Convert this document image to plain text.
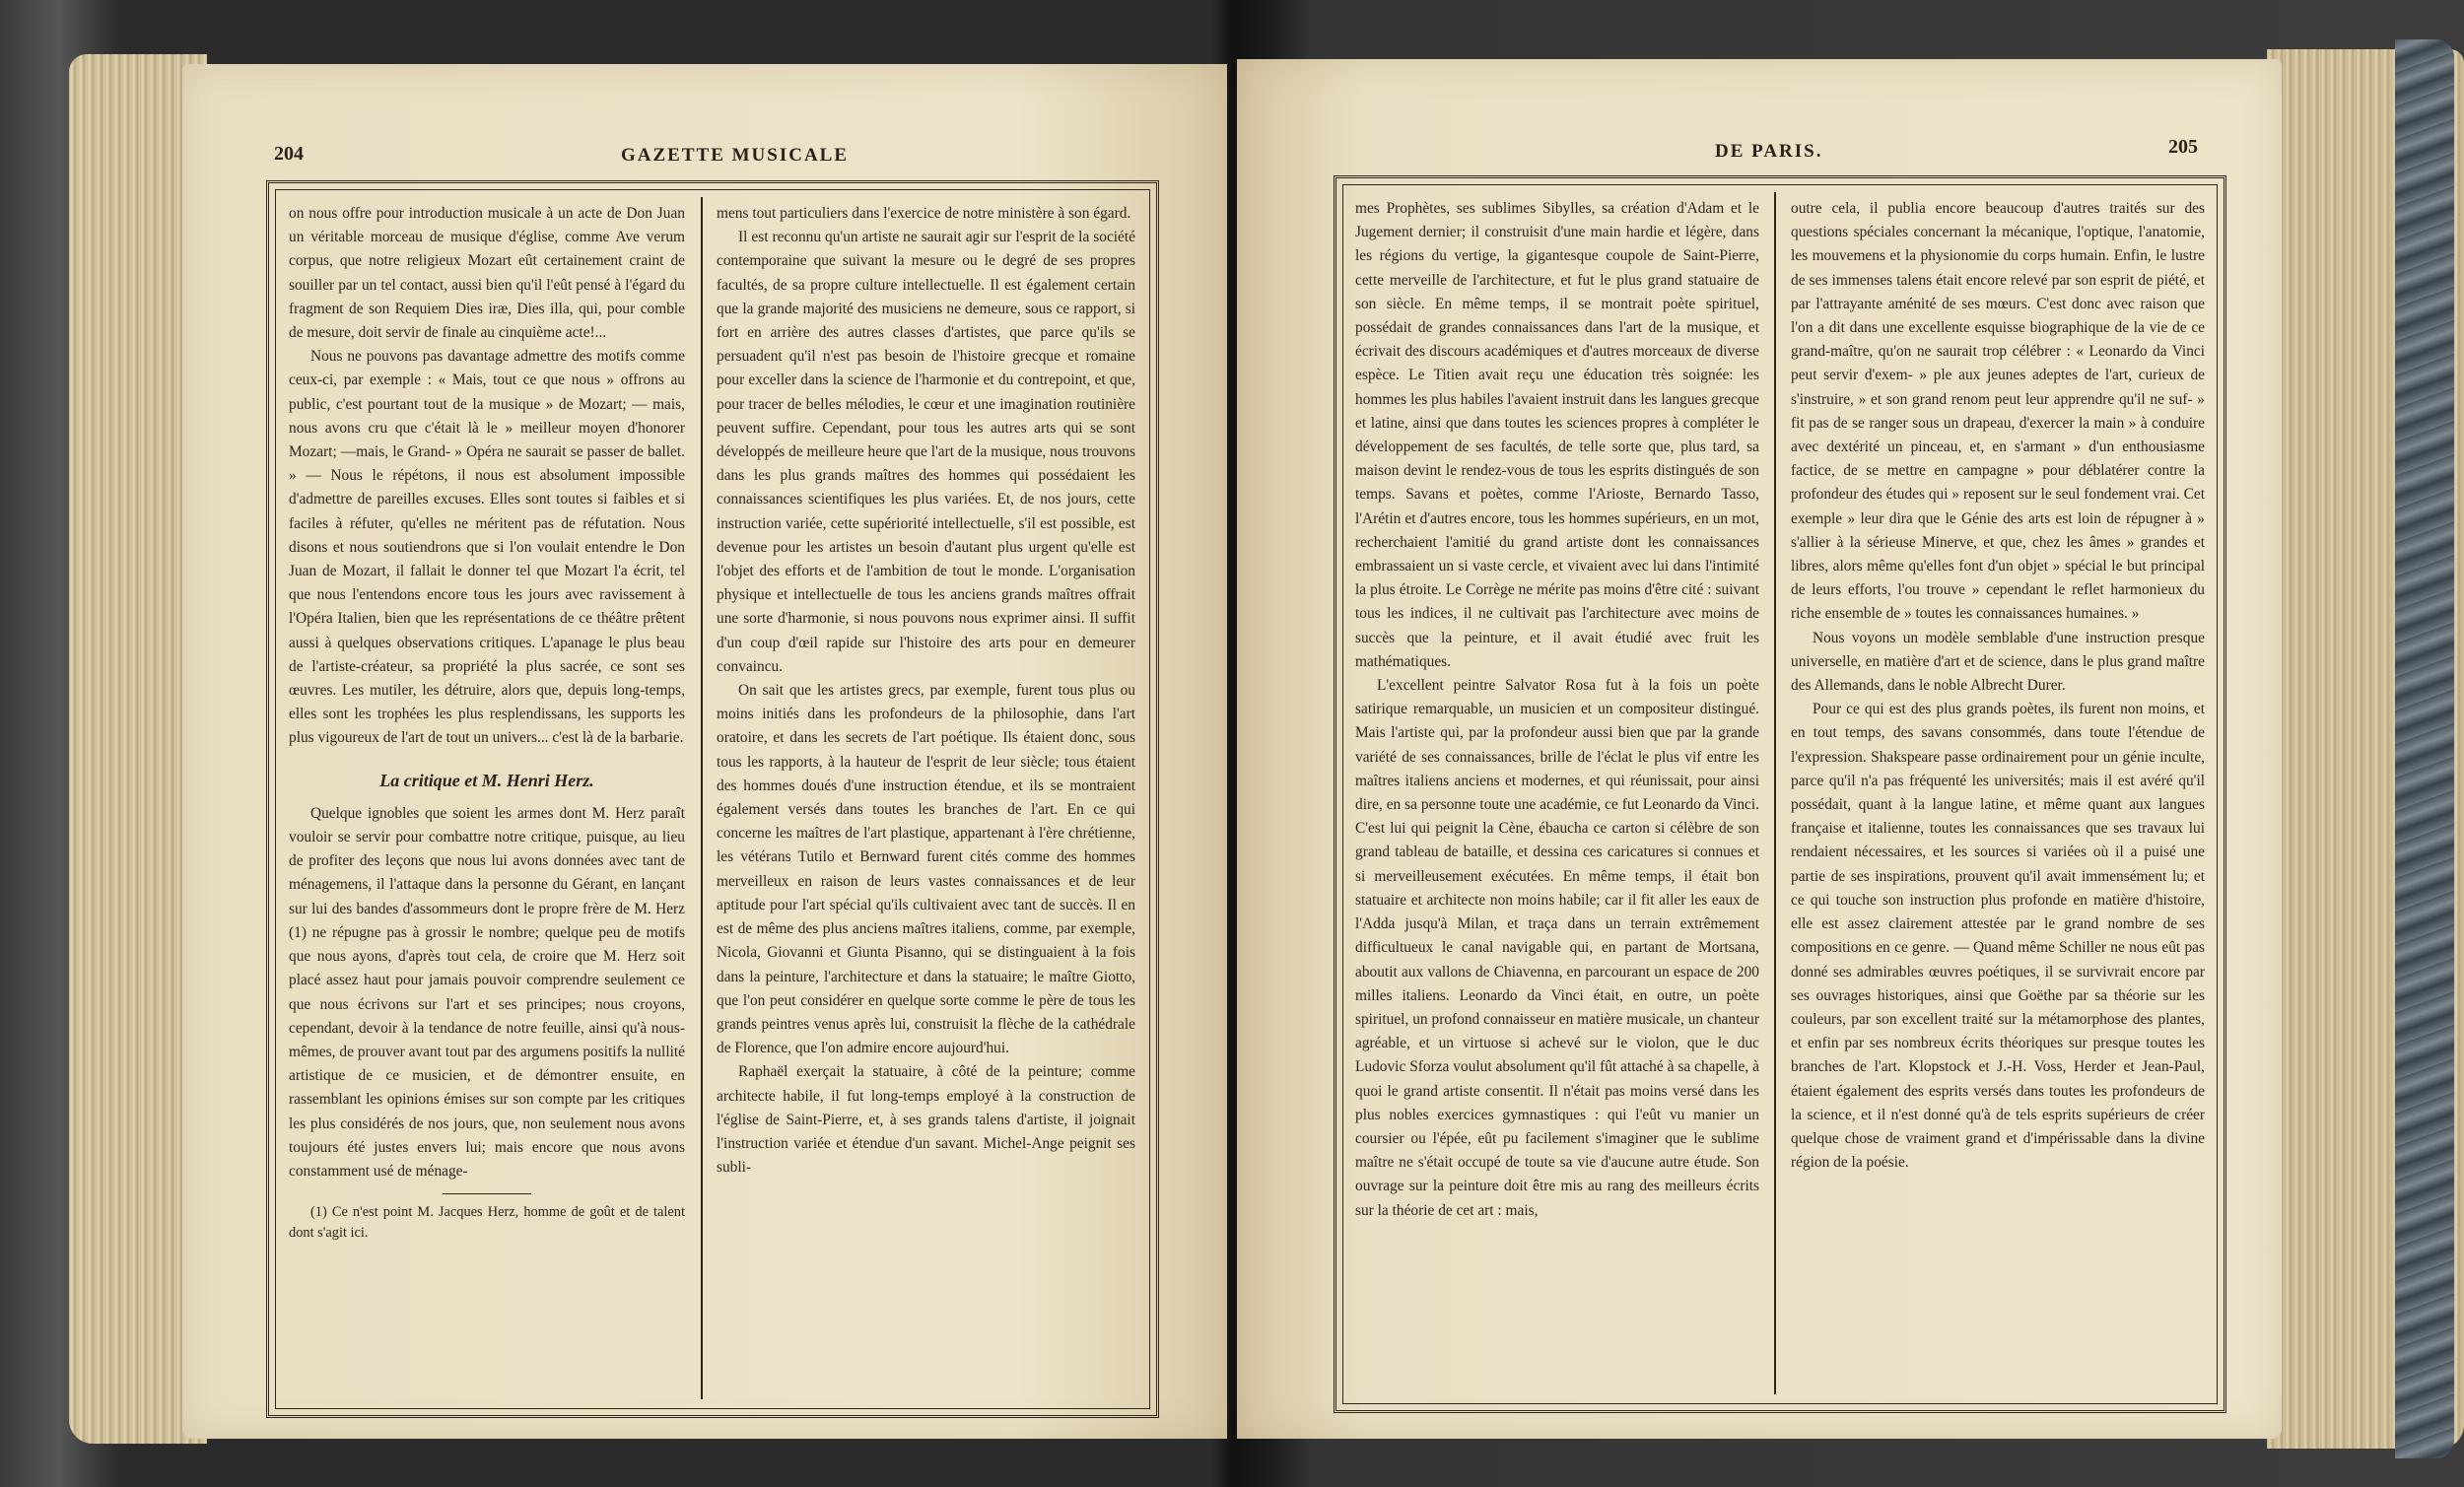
204	GAZETTE MUSICALE

on nous offre pour introduction musicale à un acte de Don Juan un véritable morceau de musique d'église, comme Ave verum corpus, que notre religieux Mozart eût certainement craint de souiller par un tel contact, aussi bien qu'il l'eût pensé à l'égard du fragment de son Requiem Dies iræ, Dies illa, qui, pour comble de mesure, doit servir de finale au cinquième acte!...

Nous ne pouvons pas davantage admettre des motifs comme ceux-ci, par exemple : « Mais, tout ce que nous » offrons au public, c'est pourtant tout de la musique » de Mozart; — mais, nous avons cru que c'était là le » meilleur moyen d'honorer Mozart; —mais, le Grand- » Opéra ne saurait se passer de ballet. » — Nous le répétons, il nous est absolument impossible d'admettre de pareilles excuses. Elles sont toutes si faibles et si faciles à réfuter, qu'elles ne méritent pas de réfutation. Nous disons et nous soutiendrons que si l'on voulait entendre le Don Juan de Mozart, il fallait le donner tel que Mozart l'a écrit, tel que nous l'entendons encore tous les jours avec ravissement à l'Opéra Italien, bien que les représentations de ce théâtre prêtent aussi à quelques observations critiques. L'apanage le plus beau de l'artiste-créateur, sa propriété la plus sacrée, ce sont ses œuvres. Les mutiler, les détruire, alors que, depuis long-temps, elles sont les trophées les plus resplendissans, les supports les plus vigoureux de l'art de tout un univers... c'est là de la barbarie.

La critique et M. Henri Herz.

Quelque ignobles que soient les armes dont M. Herz paraît vouloir se servir pour combattre notre critique, puisque, au lieu de profiter des leçons que nous lui avons données avec tant de ménagemens, il l'attaque dans la personne du Gérant, en lançant sur lui des bandes d'assommeurs dont le propre frère de M. Herz (1) ne répugne pas à grossir le nombre; quelque peu de motifs que nous ayons, d'après tout cela, de croire que M. Herz soit placé assez haut pour jamais pouvoir comprendre seulement ce que nous écrivons sur l'art et ses principes; nous croyons, cependant, devoir à la tendance de notre feuille, ainsi qu'à nous-mêmes, de prouver avant tout par des argumens positifs la nullité artistique de ce musicien, et de démontrer ensuite, en rassemblant les opinions émises sur son compte par les critiques les plus considérés de nos jours, que, non seulement nous avons toujours été justes envers lui; mais encore que nous avons constamment usé de ménage-

(1) Ce n'est point M. Jacques Herz, homme de goût et de talent dont s'agit ici.

mens tout particuliers dans l'exercice de notre ministère à son égard.

Il est reconnu qu'un artiste ne saurait agir sur l'esprit de la société contemporaine que suivant la mesure ou le degré de ses propres facultés, de sa propre culture intellectuelle. Il est également certain que la grande majorité des musiciens ne demeure, sous ce rapport, si fort en arrière des autres classes d'artistes, que parce qu'ils se persuadent qu'il n'est pas besoin de l'histoire grecque et romaine pour exceller dans la science de l'harmonie et du contrepoint, et que, pour tracer de belles mélodies, le cœur et une imagination routinière peuvent suffire. Cependant, pour tous les autres arts qui se sont développés de meilleure heure que l'art de la musique, nous trouvons dans les plus grands maîtres des hommes qui possédaient les connaissances scientifiques les plus variées. Et, de nos jours, cette instruction variée, cette supériorité intellectuelle, s'il est possible, est devenue pour les artistes un besoin d'autant plus urgent qu'elle est l'objet des efforts et de l'ambition de tout le monde. L'organisation physique et intellectuelle de tous les anciens grands maîtres offrait une sorte d'harmonie, si nous pouvons nous exprimer ainsi. Il suffit d'un coup d'œil rapide sur l'histoire des arts pour en demeurer convaincu.

On sait que les artistes grecs, par exemple, furent tous plus ou moins initiés dans les profondeurs de la philosophie, dans l'art oratoire, et dans les secrets de l'art poétique. Ils étaient donc, sous tous les rapports, à la hauteur de l'esprit de leur siècle; tous étaient des hommes doués d'une instruction étendue, et ils se montraient également versés dans toutes les branches de l'art. En ce qui concerne les maîtres de l'art plastique, appartenant à l'ère chrétienne, les vétérans Tutilo et Bernward furent cités comme des hommes merveilleux en raison de leurs vastes connaissances et de leur aptitude pour l'art spécial qu'ils cultivaient avec tant de succès. Il en est de même des plus anciens maîtres italiens, comme, par exemple, Nicola, Giovanni et Giunta Pisanno, qui se distinguaient à la fois dans la peinture, l'architecture et dans la statuaire; le maître Giotto, que l'on peut considérer en quelque sorte comme le père de tous les grands peintres venus après lui, construisit la flèche de la cathédrale de Florence, que l'on admire encore aujourd'hui.

Raphaël exerçait la statuaire, à côté de la peinture; comme architecte habile, il fut long-temps employé à la construction de l'église de Saint-Pierre, et, à ses grands talens d'artiste, il joignait l'instruction variée et étendue d'un savant. Michel-Ange peignit ses subli-

DE PARIS.	205

mes Prophètes, ses sublimes Sibylles, sa création d'Adam et le Jugement dernier; il construisit d'une main hardie et légère, dans les régions du vertige, la gigantesque coupole de Saint-Pierre, cette merveille de l'architecture, et fut le plus grand statuaire de son siècle. En même temps, il se montrait poète spirituel, possédait de grandes connaissances dans l'art de la musique, et écrivait des discours académiques et d'autres morceaux de diverse espèce. Le Titien avait reçu une éducation très soignée: les hommes les plus habiles l'avaient instruit dans les langues grecque et latine, ainsi que dans toutes les sciences propres à compléter le développement de ses facultés, de telle sorte que, plus tard, sa maison devint le rendez-vous de tous les esprits distingués de son temps. Savans et poètes, comme l'Arioste, Bernardo Tasso, l'Arétin et d'autres encore, tous les hommes supérieurs, en un mot, recherchaient l'amitié du grand artiste dont les connaissances embrassaient un si vaste cercle, et vivaient avec lui dans l'intimité la plus étroite. Le Corrège ne mérite pas moins d'être cité : suivant tous les indices, il ne cultivait pas l'architecture avec moins de succès que la peinture, et il avait étudié avec fruit les mathématiques.

L'excellent peintre Salvator Rosa fut à la fois un poète satirique remarquable, un musicien et un compositeur distingué. Mais l'artiste qui, par la profondeur aussi bien que par la grande variété de ses connaissances, brille de l'éclat le plus vif entre les maîtres italiens anciens et modernes, et qui réunissait, pour ainsi dire, en sa personne toute une académie, ce fut Leonardo da Vinci. C'est lui qui peignit la Cène, ébaucha ce carton si célèbre de son grand tableau de bataille, et dessina ces caricatures si connues et si merveilleusement exécutées. En même temps, il était bon statuaire et architecte non moins habile; car il fit aller les eaux de l'Adda jusqu'à Milan, et traça dans un terrain extrêmement difficultueux le canal navigable qui, en partant de Mortsana, aboutit aux vallons de Chiavenna, en parcourant un espace de 200 milles italiens. Leonardo da Vinci était, en outre, un poète spirituel, un profond connaisseur en matière musicale, un chanteur agréable, et un virtuose si achevé sur le violon, que le duc Ludovic Sforza voulut absolument qu'il fût attaché à sa chapelle, à quoi le grand artiste consentit. Il n'était pas moins versé dans les plus nobles exercices gymnastiques : qui l'eût vu manier un coursier ou l'épée, eût pu facilement s'imaginer que le sublime maître ne s'était occupé de toute sa vie d'aucune autre étude. Son ouvrage sur la peinture doit être mis au rang des meilleurs écrits sur la théorie de cet art : mais,

outre cela, il publia encore beaucoup d'autres traités sur des questions spéciales concernant la mécanique, l'optique, l'anatomie, les mouvemens et la physionomie du corps humain. Enfin, le lustre de ses immenses talens était encore relevé par son esprit de piété, et par l'attrayante aménité de ses mœurs. C'est donc avec raison que l'on a dit dans une excellente esquisse biographique de la vie de ce grand-maître, qu'on ne saurait trop célébrer : « Leonardo da Vinci peut servir d'exem- » ple aux jeunes adeptes de l'art, curieux de s'instruire, » et son grand renom peut leur apprendre qu'il ne suf- » fit pas de se ranger sous un drapeau, d'exercer la main » à conduire avec dextérité un pinceau, et, en s'armant » d'un enthousiasme factice, de se mettre en campagne » pour déblatérer contre la profondeur des études qui » reposent sur le seul fondement vrai. Cet exemple » leur dira que le Génie des arts est loin de répugner à » s'allier à la sérieuse Minerve, et que, chez les âmes » grandes et libres, alors même qu'elles font d'un objet » spécial le but principal de leurs efforts, l'ou trouve » cependant le reflet harmonieux du riche ensemble de » toutes les connaissances humaines. »

Nous voyons un modèle semblable d'une instruction presque universelle, en matière d'art et de science, dans le plus grand maître des Allemands, dans le noble Albrecht Durer.

Pour ce qui est des plus grands poètes, ils furent non moins, et en tout temps, des savans consommés, dans toute l'étendue de l'expression. Shakspeare passe ordinairement pour un génie inculte, parce qu'il n'a pas fréquenté les universités; mais il est avéré qu'il possédait, quant à la langue latine, et même quant aux langues française et italienne, toutes les connaissances que ses travaux lui rendaient nécessaires, et les sources si variées où il a puisé une partie de ses inspirations, prouvent qu'il avait immensément lu; et ce qui touche son instruction plus profonde en matière d'histoire, elle est assez clairement attestée par le grand nombre de ses compositions en ce genre. — Quand même Schiller ne nous eût pas donné ses admirables œuvres poétiques, il se survivrait encore par ses ouvrages historiques, ainsi que Goëthe par sa théorie sur les couleurs, par son excellent traité sur la métamorphose des plantes, et enfin par ses nombreux écrits théoriques sur presque toutes les branches de l'art. Klopstock et J.-H. Voss, Herder et Jean-Paul, étaient également des esprits versés dans toutes les profondeurs de la science, et il n'est donné qu'à de tels esprits supérieurs de créer quelque chose de vraiment grand et d'impérissable dans la divine région de la poésie.
